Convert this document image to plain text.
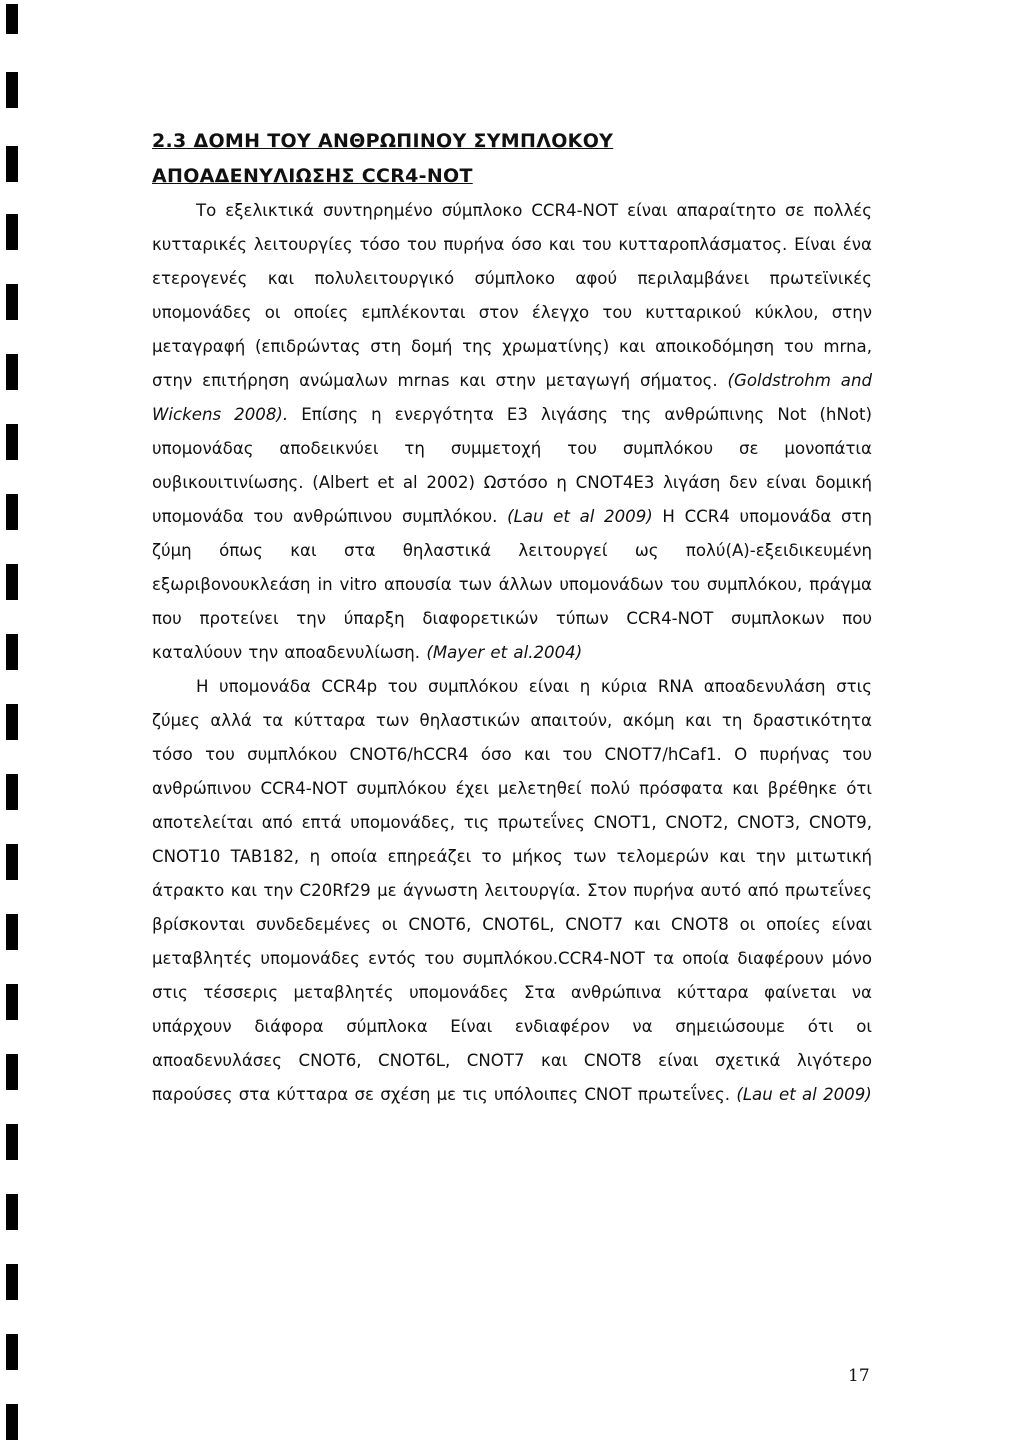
2.3 ΔΟΜΗ ΤΟΥ ΑΝΘΡΩΠΙΝΟΥ ΣΥΜΠΛΟΚΟΥ
ΑΠΟΑΔΕΝΥΛΙΩΣΗΣ CCR4-NOT

Το εξελικτικά συντηρημένο σύμπλοκο CCR4-NOT είναι απαραίτητο σε πολλές κυτταρικές λειτουργίες τόσο του πυρήνα όσο και του κυτταροπλάσματος. Είναι ένα ετερογενές και πολυλειτουργικό σύμπλοκο αφού περιλαμβάνει πρωτεϊνικές υπομονάδες οι οποίες εμπλέκονται στον έλεγχο του κυτταρικού κύκλου, στην μεταγραφή (επιδρώντας στη δομή της χρωματίνης) και αποικοδόμηση του mrna, στην επιτήρηση ανώμαλων mrnas και στην μεταγωγή σήματος. (Goldstrohm and Wickens 2008). Επίσης η ενεργότητα Ε3 λιγάσης της ανθρώπινης Not (hNot) υπομονάδας αποδεικνύει τη συμμετοχή του συμπλόκου σε μονοπάτια ουβικουιτινίωσης. (Albert et al 2002) Ωστόσο η CNOT4E3 λιγάση δεν είναι δομική υπομονάδα του ανθρώπινου συμπλόκου. (Lau et al 2009) Η CCR4 υπομονάδα στη ζύμη όπως και στα θηλαστικά λειτουργεί ως πολύ(Α)-εξειδικευμένη εξωριβονουκλεάση in vitro απουσία των άλλων υπομονάδων του συμπλόκου, πράγμα που προτείνει την ύπαρξη διαφορετικών τύπων CCR4-NOT συμπλοκων που καταλύουν την αποαδενυλίωση. (Mayer et al.2004)

Η υπομονάδα CCR4p του συμπλόκου είναι η κύρια RNA αποαδενυλάση στις ζύμες αλλά τα κύτταρα των θηλαστικών απαιτούν, ακόμη και τη δραστικότητα τόσο του συμπλόκου CNOT6/hCCR4 όσο και του CNOT7/hCaf1. Ο πυρήνας του ανθρώπινου CCR4-NOT συμπλόκου έχει μελετηθεί πολύ πρόσφατα και βρέθηκε ότι αποτελείται από επτά υπομονάδες, τις πρωτεΐνες CNOT1, CNOT2, CNOT3, CNOT9, CNOT10 TAB182, η οποία επηρεάζει το μήκος των τελομερών και την μιτωτική άτρακτο και την C20Rf29 με άγνωστη λειτουργία. Στον πυρήνα αυτό από πρωτεΐνες βρίσκονται συνδεδεμένες οι CNOT6, CNOT6L, CNOT7 και CNOT8 οι οποίες είναι μεταβλητές υπομονάδες εντός του συμπλόκου.CCR4-NOT τα οποία διαφέρουν μόνο στις τέσσερις μεταβλητές υπομονάδες Στα ανθρώπινα κύτταρα φαίνεται να υπάρχουν διάφορα σύμπλοκα Είναι ενδιαφέρον να σημειώσουμε ότι οι αποαδενυλάσες CNOT6, CNOT6L, CNOT7 και CNOT8 είναι σχετικά λιγότερο παρούσες στα κύτταρα σε σχέση με τις υπόλοιπες CNOT πρωτεΐνες. (Lau et al 2009)

17
